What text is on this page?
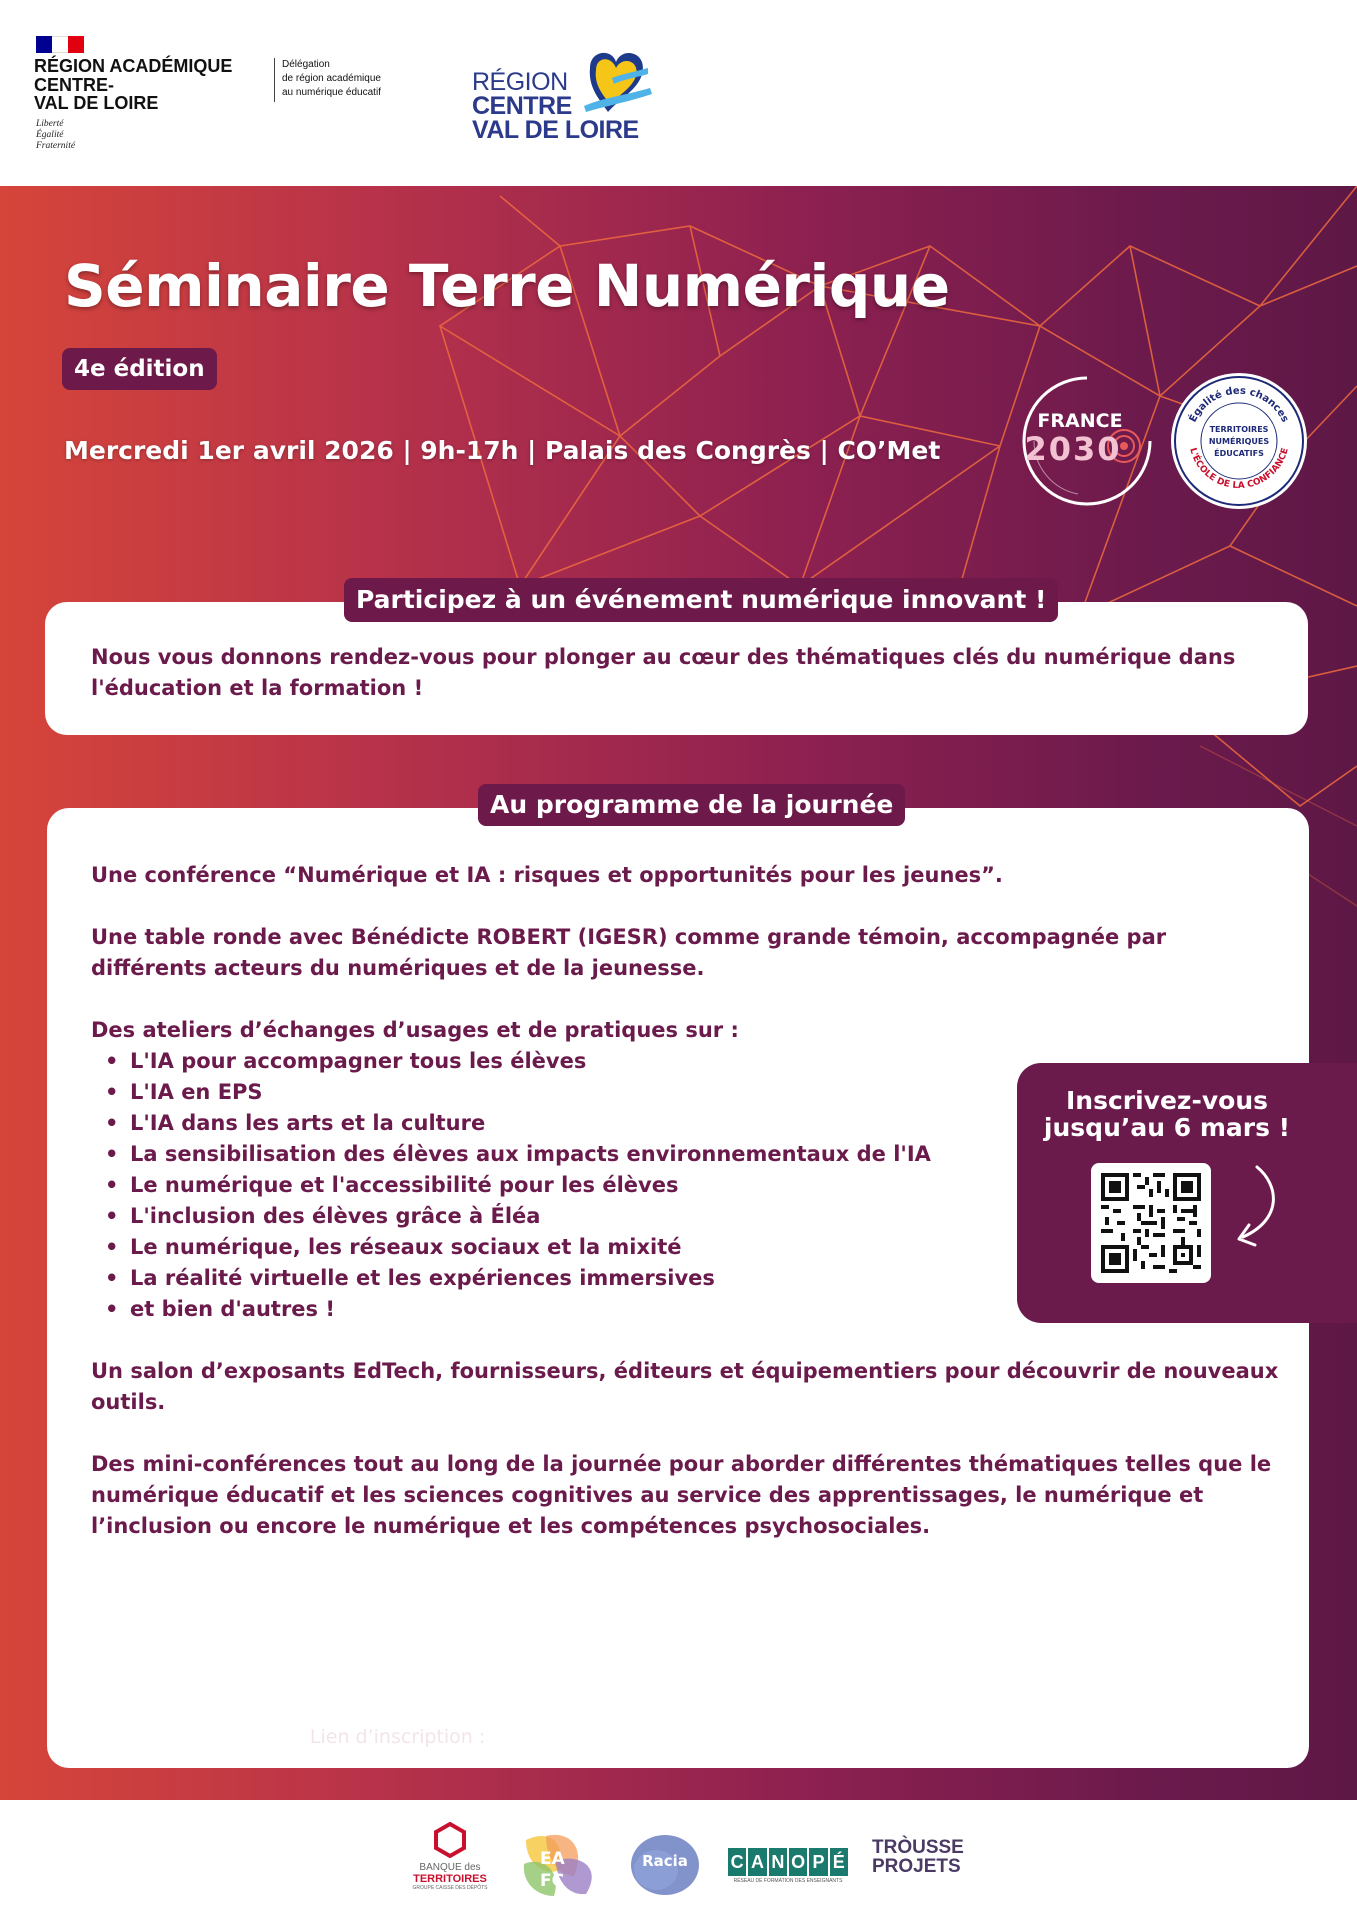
RÉGION ACADÉMIQUE
CENTRE-
VAL DE LOIRE
Liberté
Égalité
Fraternité
Délégation
de région académique
au numérique éducatif	RÉGION
CENTRE
VAL DE LOIRE
Séminaire Terre Numérique
4e édition
Mercredi 1er avril 2026 | 9h-17h | Palais des Congrès | CO’Met
FRANCE
2030
Égalité des chances
L'ÉCOLE DE LA CONFIANCE
TERRITOIRES
NUMÉRIQUES
ÉDUCATIFS
Nous vous donnons rendez-vous pour plonger au cœur des thématiques clés du numérique dans l'éducation et la formation !
Participez à un événement numérique innovant !

Une conférence “Numérique et IA : risques et opportunités pour les jeunes”.

Une table ronde avec Bénédicte ROBERT (IGESR) comme grande témoin, accompagnée par différents acteurs du numériques et de la jeunesse.

Des ateliers d’échanges d’usages et de pratiques sur :

• L'IA pour accompagner tous les élèves
• L'IA en EPS
• L'IA dans les arts et la culture
• La sensibilisation des élèves aux impacts environnementaux de l'IA
• Le numérique et l'accessibilité pour les élèves
• L'inclusion des élèves grâce à Éléa
• Le numérique, les réseaux sociaux et la mixité
• La réalité virtuelle et les expériences immersives
• et bien d'autres !

Un salon d’exposants EdTech, fournisseurs, éditeurs et équipementiers pour découvrir de nouveaux outils.

Des mini-conférences tout au long de la journée pour aborder différentes thématiques telles que le numérique éducatif et les sciences cognitives au service des apprentissages, le numérique et l’inclusion ou encore le numérique et les compétences psychosociales.

Au programme de la journée
Inscrivez-vous
jusqu’au 6 mars !
Passionnés par le numérique, débutants, experts ou simplement curieux...
Nous vous attendons nombreux pour partager cette journée ensemble !
Lien d’inscription : https://pedagogie.ac-orleans-tours.fr/spip.php?article3967
BANQUE des
TERRITOIRES
GROUPE CAISSE DES DÉPÔTS
EA
FC
Racia C A N O P É
RÉSEAU DE FORMATION DES ENSEIGNANTS
TRÒUSSE
PROJETS
